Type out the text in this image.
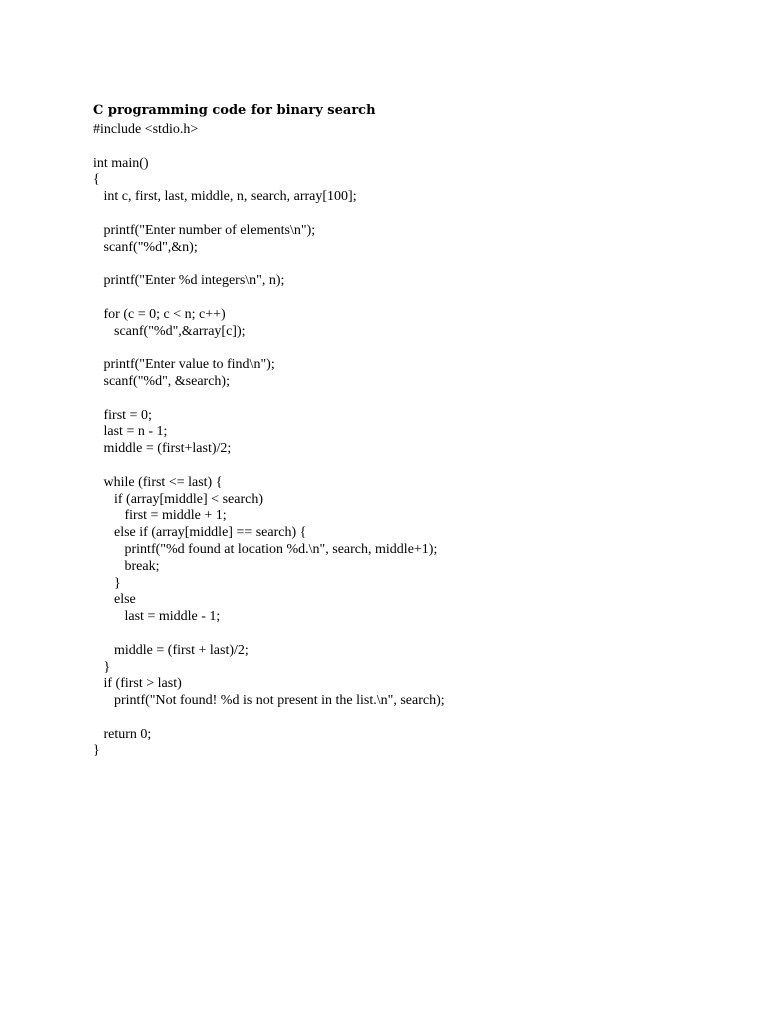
C programming code for binary search
#include <stdio.h>
int main()
{
int c, first, last, middle, n, search, array[100];
printf("Enter number of elements\n");
scanf("%d",&n);
printf("Enter %d integers\n", n);
for (c = 0; c < n; c++)
scanf("%d",&array[c]);
printf("Enter value to find\n");
scanf("%d", &search);
first = 0;
last = n - 1;
middle = (first+last)/2;
while (first <= last) {
if (array[middle] < search)
first = middle + 1;
else if (array[middle] == search) {
printf("%d found at location %d.\n", search, middle+1);
break;
}
else
last = middle - 1;
middle = (first + last)/2;
}
if (first > last)
printf("Not found! %d is not present in the list.\n", search);
return 0;
}
